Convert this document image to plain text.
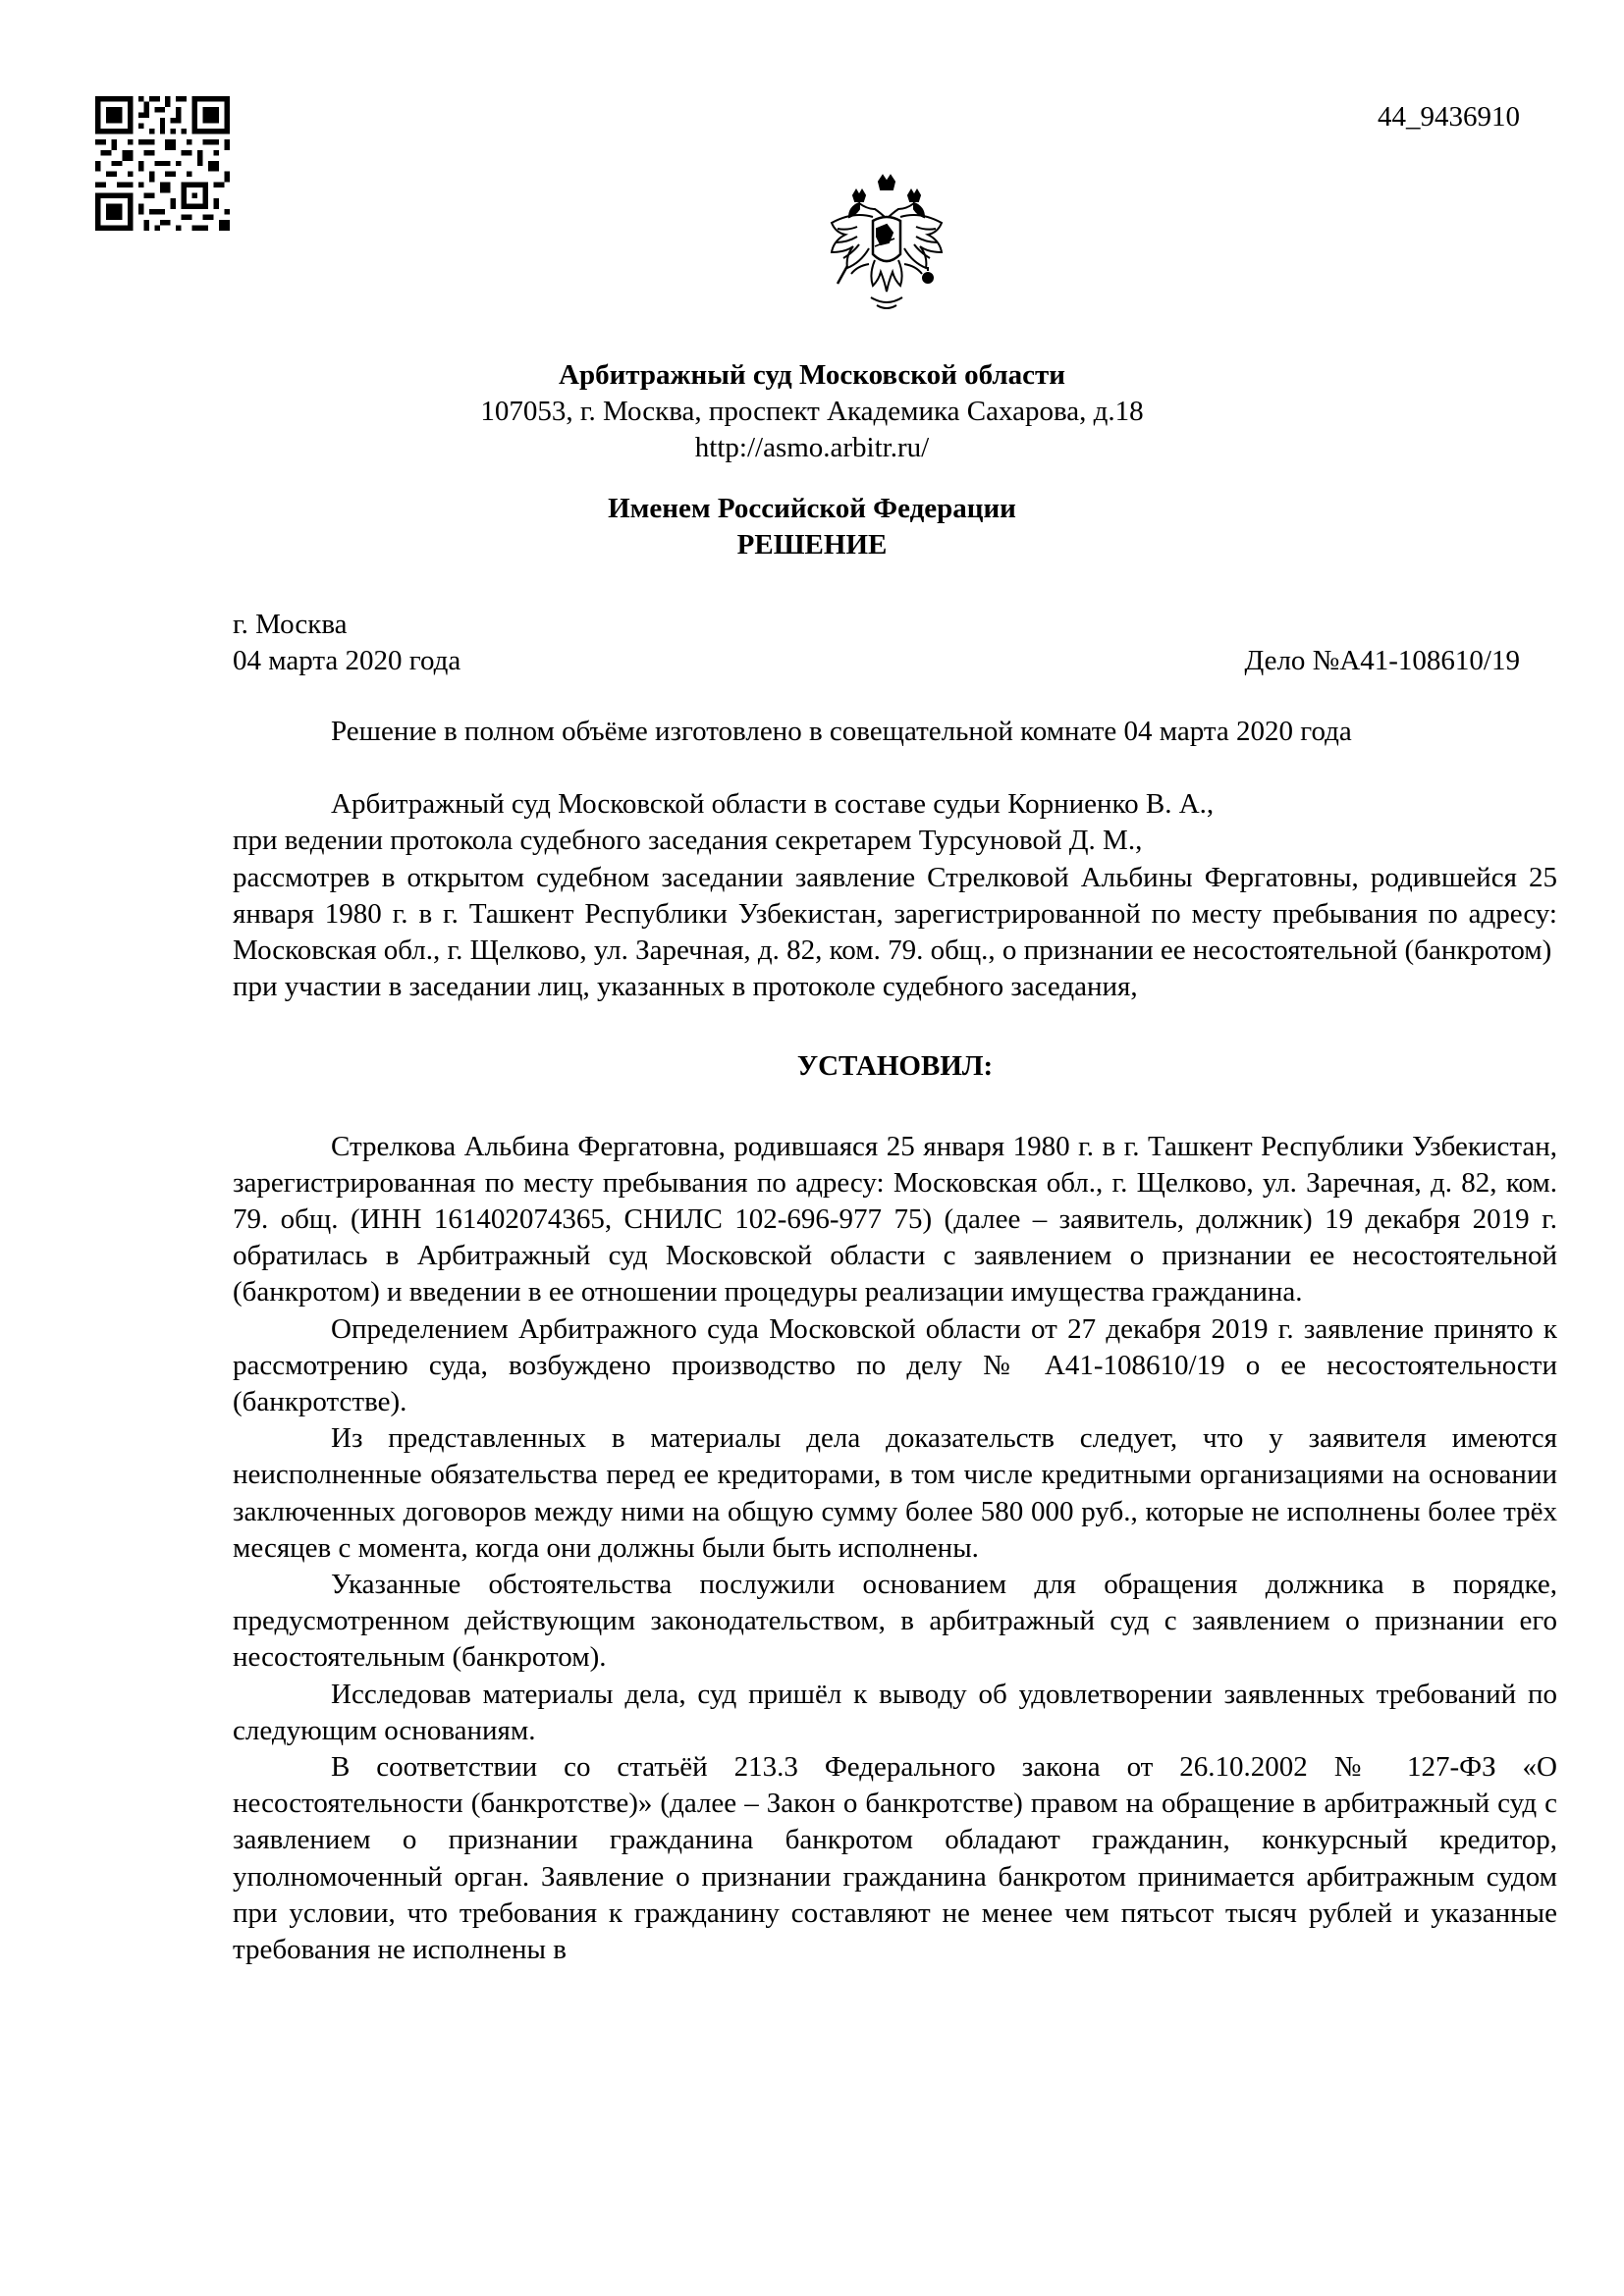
44_9436910
Арбитражный суд Московской области
107053, г. Москва, проспект Академика Сахарова, д.18
http://asmo.arbitr.ru/
Именем Российской Федерации
РЕШЕНИЕ
г. Москва
04 марта 2020 года	Дело №А41-108610/19

Решение в полном объёме изготовлено в совещательной комнате 04 марта 2020 года

Арбитражный суд Московской области в составе судьи Корниенко В. А.,

при ведении протокола судебного заседания секретарем Турсуновой Д. М.,

рассмотрев в открытом судебном заседании заявление Стрелковой Альбины Фергатовны, родившейся 25 января 1980 г. в г. Ташкент Республики Узбекистан, зарегистрированной по месту пребывания по адресу: Московская обл., г. Щелково, ул. Заречная, д. 82, ком. 79. общ., о признании ее несостоятельной (банкротом)

при участии в заседании лиц, указанных в протоколе судебного заседания,

УСТАНОВИЛ:

Стрелкова Альбина Фергатовна, родившаяся 25 января 1980 г. в г. Ташкент Республики Узбекистан, зарегистрированная по месту пребывания по адресу: Московская обл., г. Щелково, ул. Заречная, д. 82, ком. 79. общ. (ИНН 161402074365, СНИЛС 102-696-977 75) (далее – заявитель, должник) 19 декабря 2019 г. обратилась в Арбитражный суд Московской области с заявлением о признании ее несостоятельной (банкротом) и введении в ее отношении процедуры реализации имущества гражданина.

Определением Арбитражного суда Московской области от 27 декабря 2019 г. заявление принято к рассмотрению суда, возбуждено производство по делу № А41-108610/19 о ее несостоятельности (банкротстве).

Из представленных в материалы дела доказательств следует, что у заявителя имеются неисполненные обязательства перед ее кредиторами, в том числе кредитными организациями на основании заключенных договоров между ними на общую сумму более 580 000 руб., которые не исполнены более трёх месяцев с момента, когда они должны были быть исполнены.

Указанные обстоятельства послужили основанием для обращения должника в порядке, предусмотренном действующим законодательством, в арбитражный суд с заявлением о признании его несостоятельным (банкротом).

Исследовав материалы дела, суд пришёл к выводу об удовлетворении заявленных требований по следующим основаниям.

В соответствии со статьёй 213.3 Федерального закона от 26.10.2002 № 127-ФЗ «О несостоятельности (банкротстве)» (далее – Закон о банкротстве) правом на обращение в арбитражный суд с заявлением о признании гражданина банкротом обладают гражданин, конкурсный кредитор, уполномоченный орган. Заявление о признании гражданина банкротом принимается арбитражным судом при условии, что требования к гражданину составляют не менее чем пятьсот тысяч рублей и указанные требования не исполнены в
